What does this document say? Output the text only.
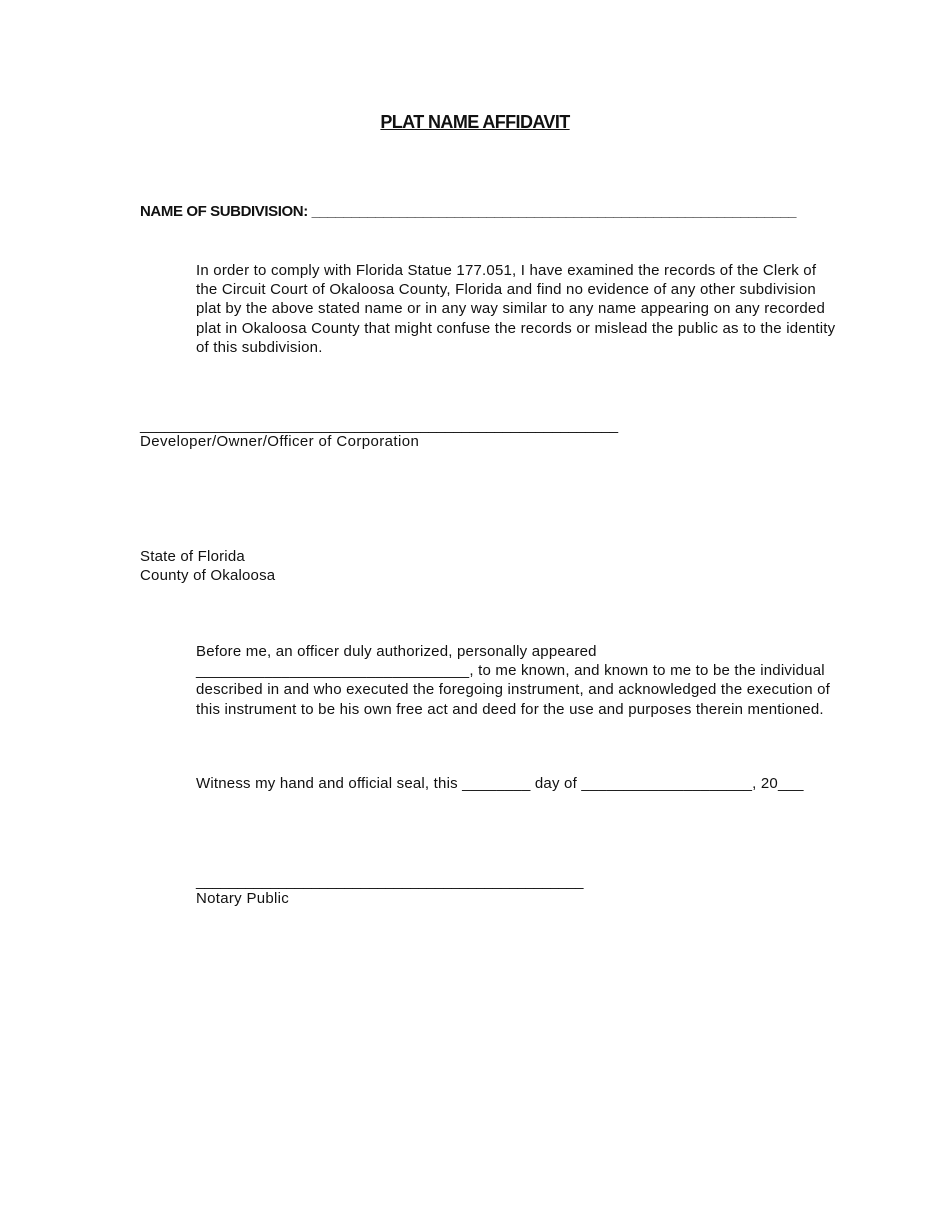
PLAT NAME AFFIDAVIT
NAME OF SUBDIVISION: _____________________________________________________________
In order to comply with Florida Statue 177.051, I have examined the records of the Clerk of the Circuit Court of Okaloosa County, Florida and find no evidence of any other subdivision plat by the above stated name or in any way similar to any name appearing on any recorded plat in Okaloosa County that might confuse the records or mislead the public as to the identity of this subdivision.
__________________________________________________________
Developer/Owner/Officer of Corporation
State of Florida
County of Okaloosa
Before me, an officer duly authorized, personally appeared
________________________________, to me known, and known to me to be the individual described in and who executed the foregoing instrument, and acknowledged the execution of this instrument to be his own free act and deed for the use and purposes therein mentioned.
Witness my hand and official seal, this ________ day of ____________________, 20___
_______________________________________________
Notary Public
